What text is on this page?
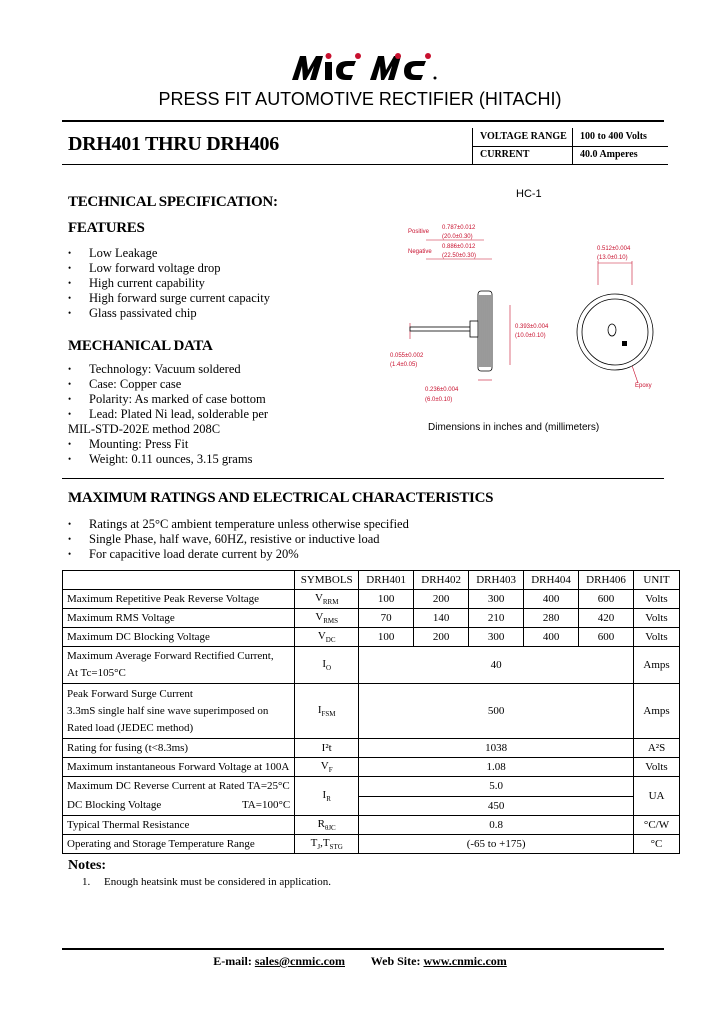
PRESS FIT AUTOMOTIVE RECTIFIER (HITACHI)
DRH401 THRU DRH406	VOLTAGE RANGE 100 to 400 Volts
CURRENT	40.0 Amperes
TECHNICAL SPECIFICATION:
FEATURES
• Low Leakage
• Low forward voltage drop
• High current capability
• High forward surge current capacity
• Glass passivated chip
MECHANICAL DATA
• Technology: Vacuum soldered
• Case: Copper case
• Polarity: As marked of case bottom
• Lead: Plated Ni lead, solderable per
MIL-STD-202E method 208C
• Mounting: Press Fit
• Weight: 0.11 ounces, 3.15 grams
HC-1
Positive
0.787±0.012
(20.0±0.30)
Negative
0.886±0.012
(22.50±0.30)
0.055±0.002
(1.4±0.05)
0.393±0.004
(10.0±0.10)
0.236±0.004
(6.0±0.10)
0.512±0.004
(13.0±0.10)
Epoxy
Dimensions in inches and (millimeters)
MAXIMUM RATINGS AND ELECTRICAL CHARACTERISTICS
• Ratings at 25°C ambient temperature unless otherwise specified
• Single Phase, half wave, 60HZ, resistive or inductive load
• For capacitive load derate current by 20%
	SYMBOLS	DRH401	DRH402	DRH403	DRH404	DRH406	UNIT
Maximum Repetitive Peak Reverse Voltage	$V_{RRM}$	100	200	300	400	600	Volts
Maximum RMS Voltage	$V_{RMS}$	70	140	210	280	420	Volts
Maximum DC Blocking Voltage	$V_{DC}$	100	200	300	400	600	Volts
Maximum Average Forward Rectified Current,
At Tc=105°C	$I_O$	40					Amps
Peak Forward Surge Current
3.3mS single half sine wave superimposed on
Rated load (JEDEC method)	$I_{FSM}$	500					Amps
Rating for fusing (t<8.3ms)	I²t	1038					A²S
Maximum instantaneous Forward Voltage at 100A	$V_F$	1.08					Volts
Maximum DC Reverse Current at Rated TA=25°C
DC Blocking Voltage TA=100°C	$I_R$	5.0					UA
		450					
Typical Thermal Resistance	$R_{\theta JC}$	0.8					°C/W
Operating and Storage Temperature Range	$T_J,T_{STG}$	(-65 to +175)					°C
Notes:
1.     Enough heatsink must be considered in application.
E-mail: sales@cnmic.com Web Site: www.cnmic.com
